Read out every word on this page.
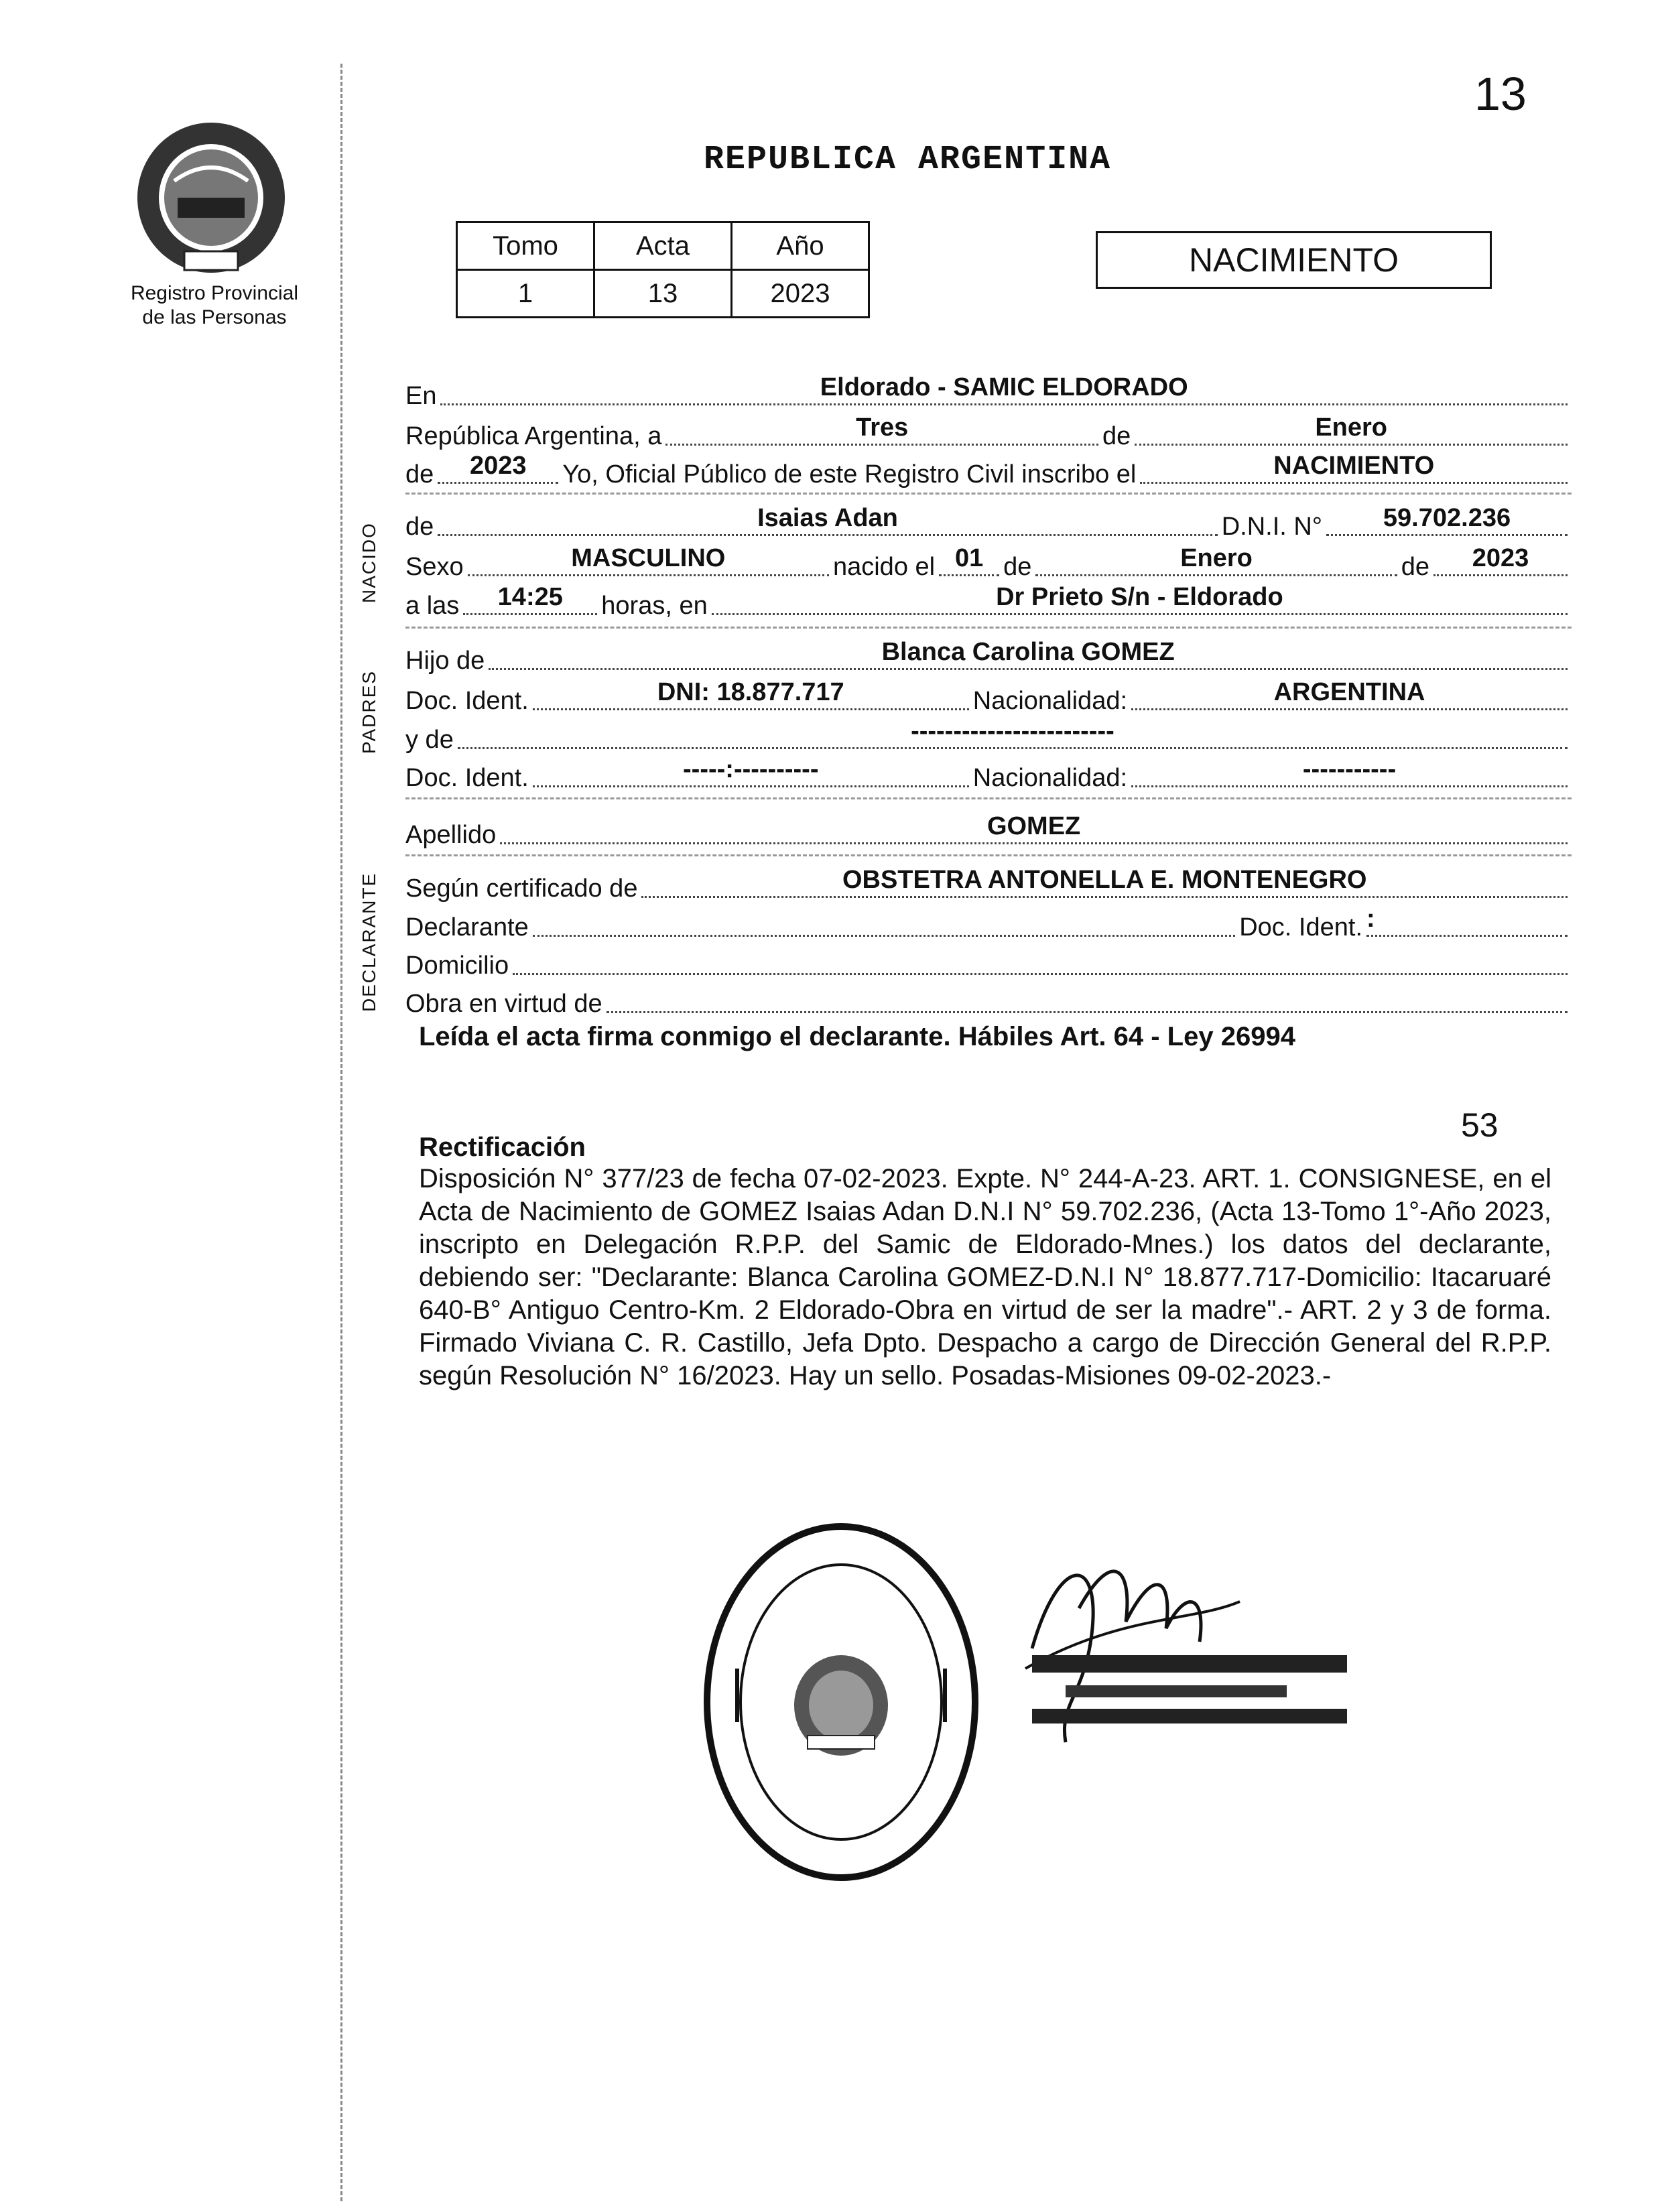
13
Registro Provincial
de las Personas
REPUBLICA ARGENTINA
Tomo	Acta	Año
1	13	2023
NACIMIENTO
En	Eldorado - SAMIC ELDORADO
República Argentina, a	Tres	de	Enero
de	2023	Yo, Oficial Público de este Registro Civil inscribo el	NACIMIENTO
NACIDO de	Isaias Adan	D.N.I. N°	59.702.236
Sexo	MASCULINO	nacido el 01 de	Enero	de	2023
a las	14:25	horas, en	Dr Prieto S/n - Eldorado
PADRES
Hijo de	Blanca Carolina GOMEZ
Doc. Ident.	DNI: 18.877.717	Nacionalidad:	ARGENTINA
y de	------------------------
Doc. Ident.	-----:----------	Nacionalidad:	-----------
Apellido	GOMEZ
DECLARANTE Según certificado de	OBSTETRA ANTONELLA E. MONTENEGRO
Declarante	Doc. Ident. :
Domicilio
Obra en virtud de
Leída el acta firma conmigo el declarante. Hábiles Art. 64 - Ley 26994
53
Rectificación
Disposición N° 377/23 de fecha 07-02-2023. Expte. N° 244-A-23. ART. 1. CONSIGNESE, en el Acta de Nacimiento de GOMEZ Isaias Adan D.N.I N° 59.702.236, (Acta 13-Tomo 1°-Año 2023, inscripto en Delegación R.P.P. del Samic de Eldorado-Mnes.) los datos del declarante, debiendo ser: "Declarante: Blanca Carolina GOMEZ-D.N.I N° 18.877.717-Domicilio: Itacaruaré 640-B° Antiguo Centro-Km. 2 Eldorado-Obra en virtud de ser la madre".- ART. 2 y 3 de forma. Firmado Viviana C. R. Castillo, Jefa Dpto. Despacho a cargo de Dirección General del R.P.P. según Resolución N° 16/2023. Hay un sello. Posadas-Misiones 09-02-2023.-
